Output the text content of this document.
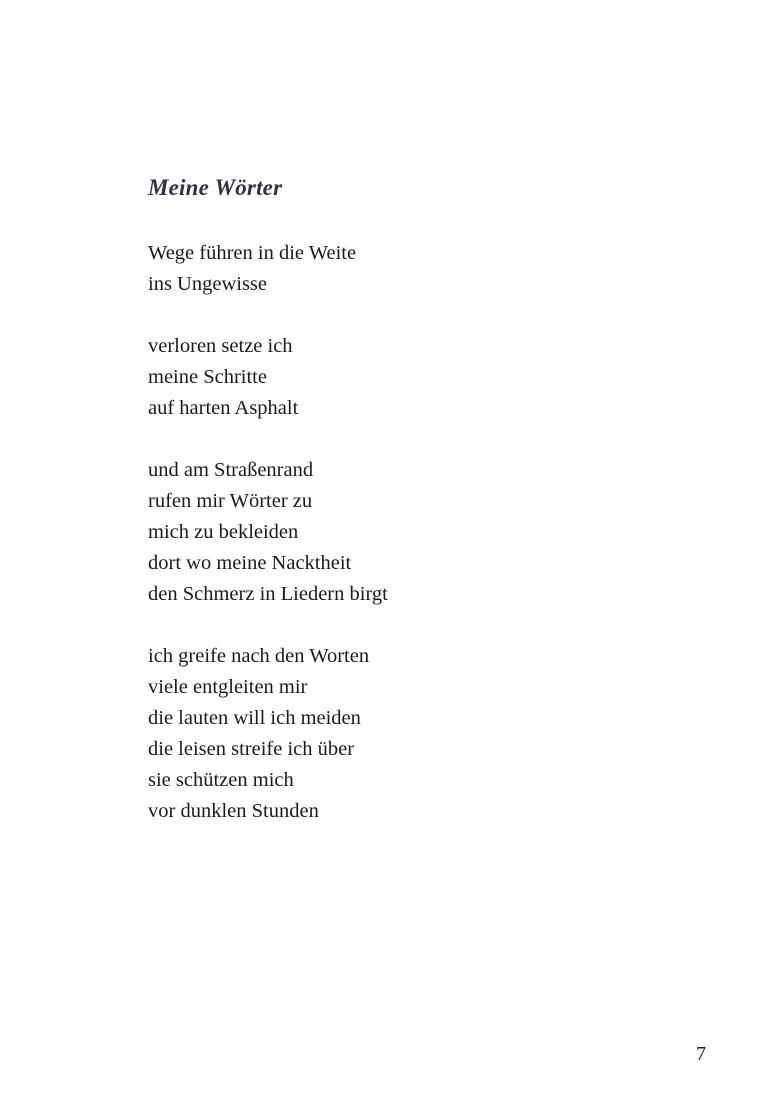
Meine Wörter
Wege führen in die Weite
ins Ungewisse
verloren setze ich
meine Schritte
auf harten Asphalt
und am Straßenrand
rufen mir Wörter zu
mich zu bekleiden
dort wo meine Nacktheit
den Schmerz in Liedern birgt
ich greife nach den Worten
viele entgleiten mir
die lauten will ich meiden
die leisen streife ich über
sie schützen mich
vor dunklen Stunden
7
